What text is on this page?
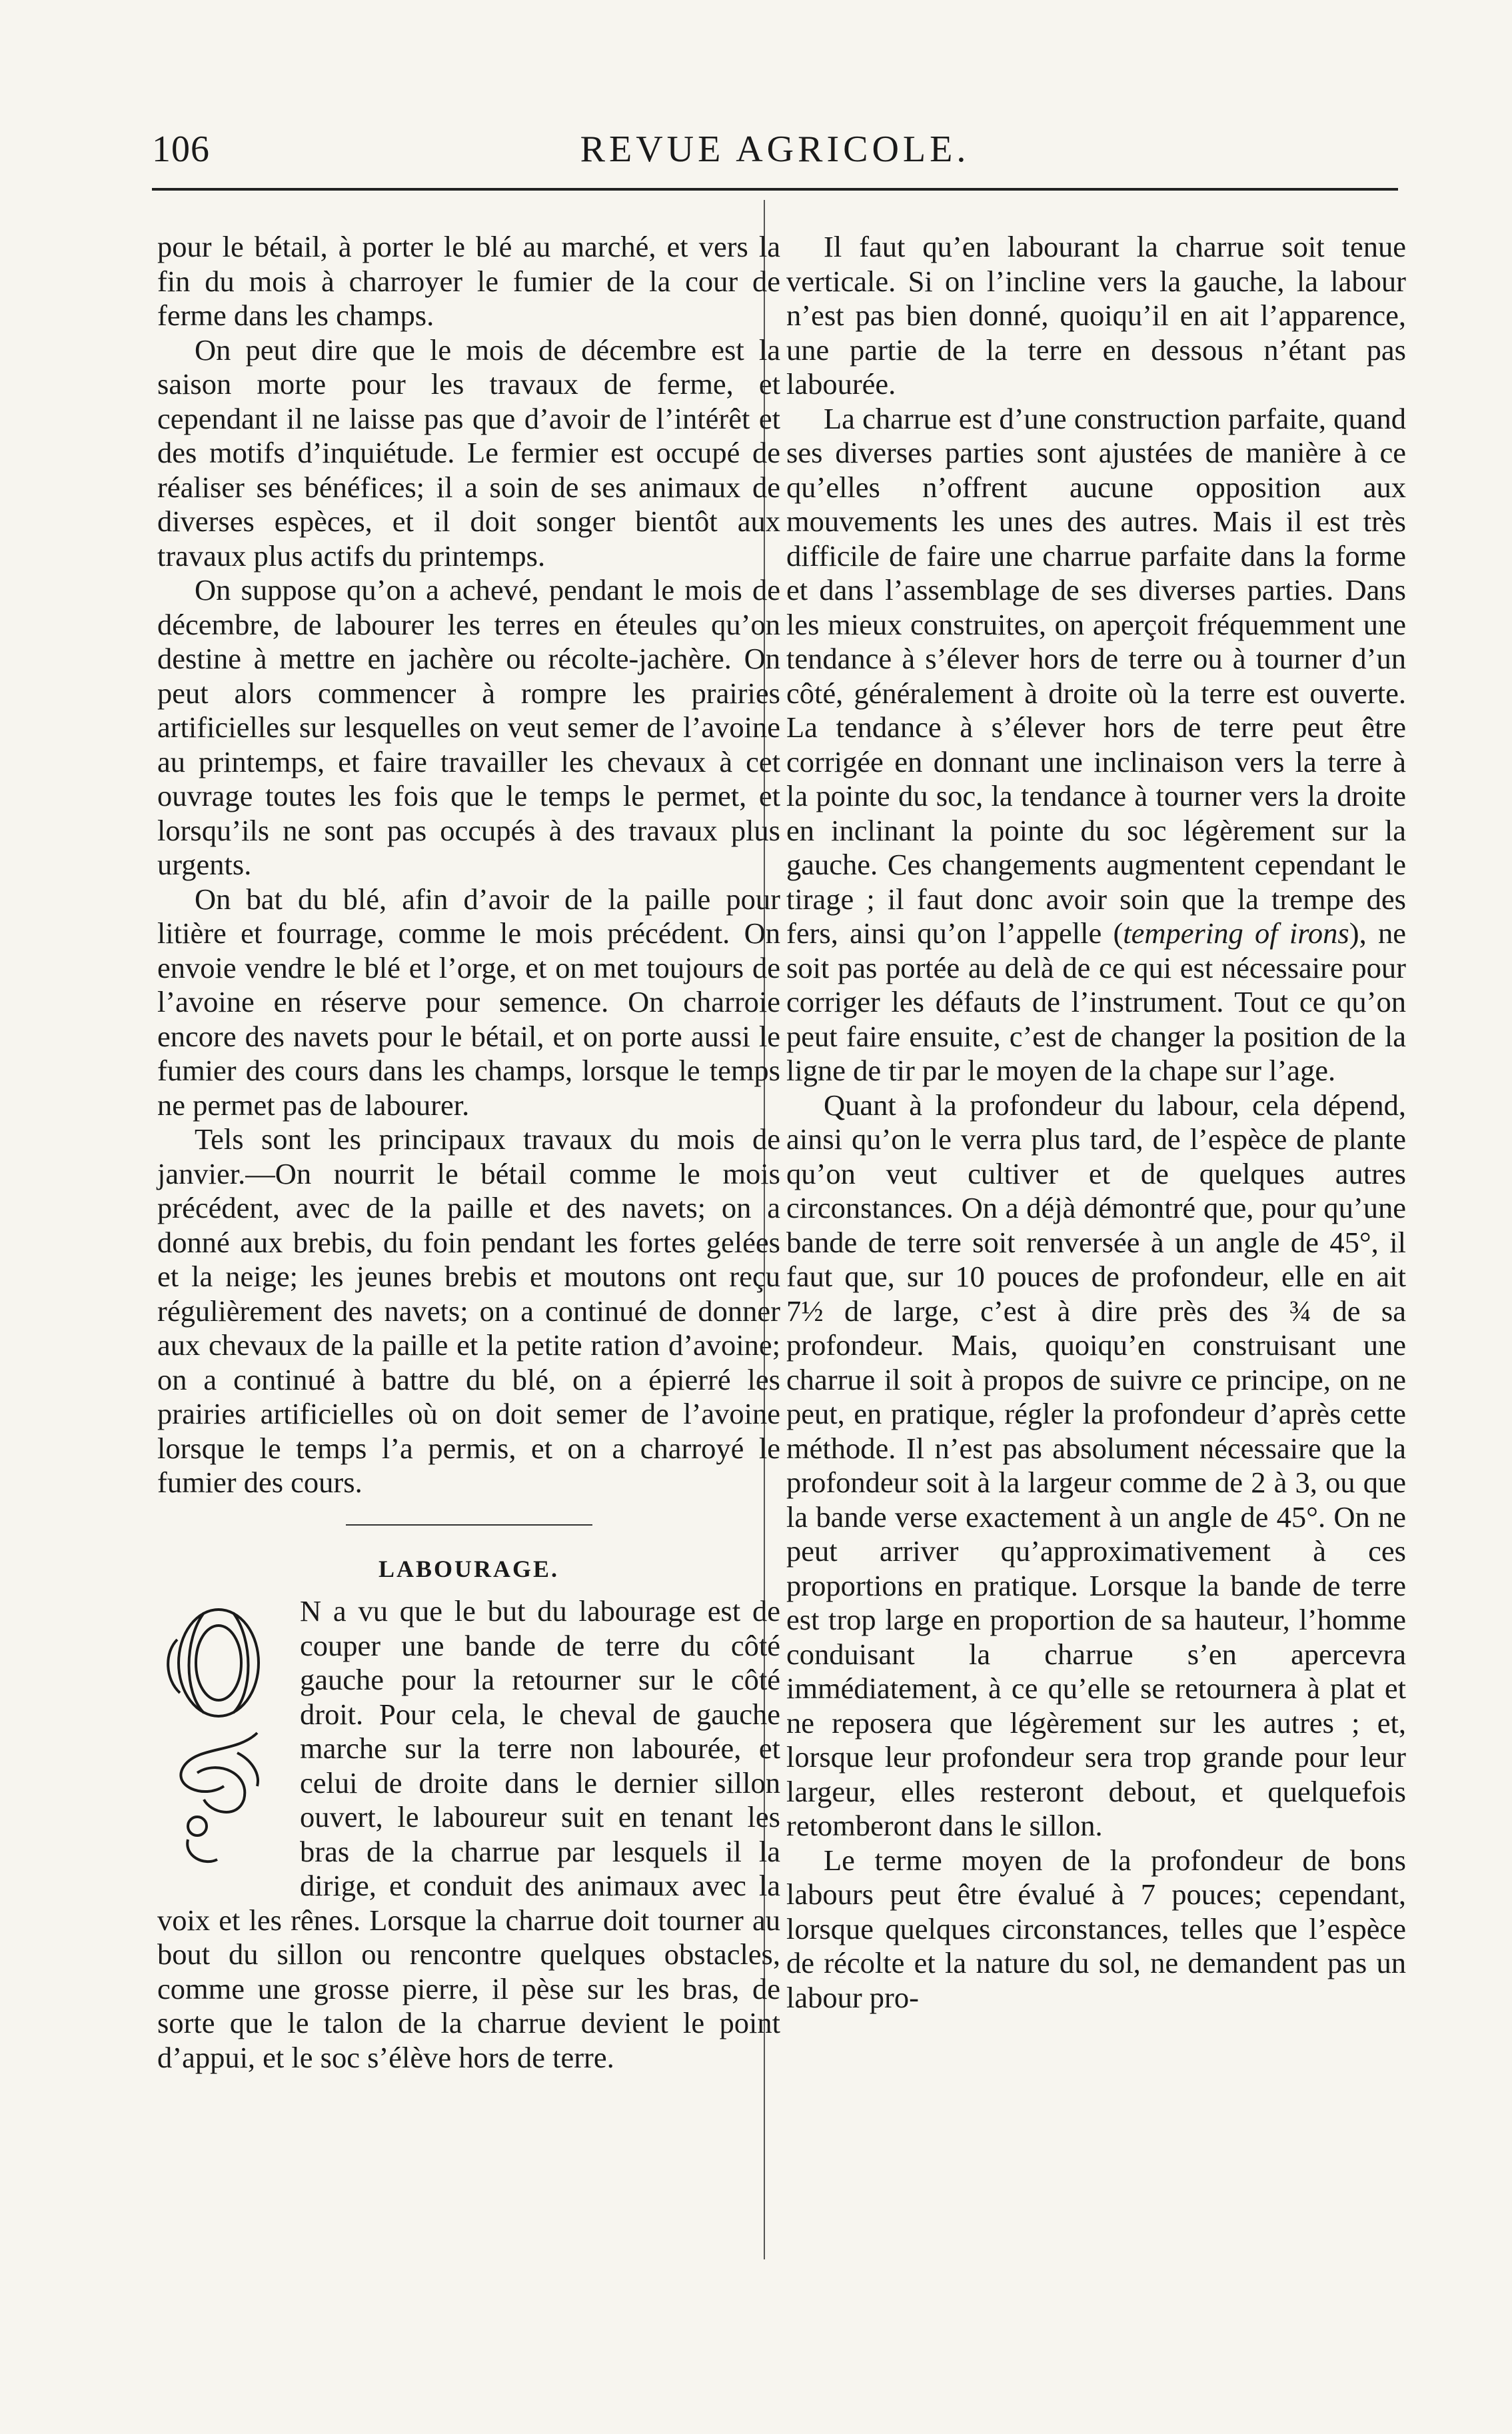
106	REVUE AGRICOLE.

pour le bétail, à porter le blé au marché, et vers la fin du mois à charroyer le fumier de la cour de ferme dans les champs.

On peut dire que le mois de décembre est la saison morte pour les travaux de ferme, et cependant il ne laisse pas que d’avoir de l’intérêt et des motifs d’inquiétude. Le fermier est occupé de réaliser ses bénéfices; il a soin de ses animaux de diverses espèces, et il doit songer bientôt aux travaux plus actifs du printemps.

On suppose qu’on a achevé, pendant le mois de décembre, de labourer les terres en éteules qu’on destine à mettre en jachère ou récolte-jachère. On peut alors commencer à rompre les prairies artificielles sur lesquelles on veut semer de l’avoine au printemps, et faire travailler les chevaux à cet ouvrage toutes les fois que le temps le permet, et lorsqu’ils ne sont pas occupés à des travaux plus urgents.

On bat du blé, afin d’avoir de la paille pour litière et fourrage, comme le mois précédent. On envoie vendre le blé et l’orge, et on met toujours de l’avoine en réserve pour semence. On charroie encore des navets pour le bétail, et on porte aussi le fumier des cours dans les champs, lorsque le temps ne permet pas de labourer.

Tels sont les principaux travaux du mois de janvier.—On nourrit le bétail comme le mois précédent, avec de la paille et des navets; on a donné aux brebis, du foin pendant les fortes gelées et la neige; les jeunes brebis et moutons ont reçu régulièrement des navets; on a continué de donner aux chevaux de la paille et la petite ration d’avoine; on a continué à battre du blé, on a épierré les prairies artificielles où on doit semer de l’avoine lorsque le temps l’a permis, et on a charroyé le fumier des cours.

LABOURAGE.

N a vu que le but du labourage est de couper une bande de terre du côté gauche pour la retourner sur le côté droit. Pour cela, le cheval de gauche marche sur la terre non labourée, et celui de droite dans le dernier sillon ouvert, le laboureur suit en tenant les bras de la charrue par lesquels il la dirige, et conduit des animaux avec la voix et les rênes. Lorsque la charrue doit tourner au bout du sillon ou rencontre quelques obstacles, comme une grosse pierre, il pèse sur les bras, de sorte que le talon de la charrue devient le point d’appui, et le soc s’élève hors de terre.

Il faut qu’en labourant la charrue soit tenue verticale. Si on l’incline vers la gauche, la labour n’est pas bien donné, quoiqu’il en ait l’apparence, une partie de la terre en dessous n’étant pas labourée.

La charrue est d’une construction parfaite, quand ses diverses parties sont ajustées de manière à ce qu’elles n’offrent aucune opposition aux mouvements les unes des autres. Mais il est très difficile de faire une charrue parfaite dans la forme et dans l’assemblage de ses diverses parties. Dans les mieux construites, on aperçoit fréquemment une tendance à s’élever hors de terre ou à tourner d’un côté, généralement à droite où la terre est ouverte. La tendance à s’élever hors de terre peut être corrigée en donnant une inclinaison vers la terre à la pointe du soc, la tendance à tourner vers la droite en inclinant la pointe du soc légèrement sur la gauche. Ces changements augmentent cependant le tirage ; il faut donc avoir soin que la trempe des fers, ainsi qu’on l’appelle (tempering of irons), ne soit pas portée au delà de ce qui est nécessaire pour corriger les défauts de l’instrument. Tout ce qu’on peut faire ensuite, c’est de changer la position de la ligne de tir par le moyen de la chape sur l’age.

Quant à la profondeur du labour, cela dépend, ainsi qu’on le verra plus tard, de l’espèce de plante qu’on veut cultiver et de quelques autres circonstances. On a déjà démontré que, pour qu’une bande de terre soit renversée à un angle de 45°, il faut que, sur 10 pouces de profondeur, elle en ait 7½ de large, c’est à dire près des ¾ de sa profondeur. Mais, quoiqu’en construisant une charrue il soit à propos de suivre ce principe, on ne peut, en pratique, régler la profondeur d’après cette méthode. Il n’est pas absolument nécessaire que la profondeur soit à la largeur comme de 2 à 3, ou que la bande verse exactement à un angle de 45°. On ne peut arriver qu’approximativement à ces proportions en pratique. Lorsque la bande de terre est trop large en proportion de sa hauteur, l’homme conduisant la charrue s’en apercevra immédiatement, à ce qu’elle se retournera à plat et ne reposera que légèrement sur les autres ; et, lorsque leur profondeur sera trop grande pour leur largeur, elles resteront debout, et quelquefois retomberont dans le sillon.

Le terme moyen de la profondeur de bons labours peut être évalué à 7 pouces; cependant, lorsque quelques circonstances, telles que l’espèce de récolte et la nature du sol, ne demandent pas un labour pro-
